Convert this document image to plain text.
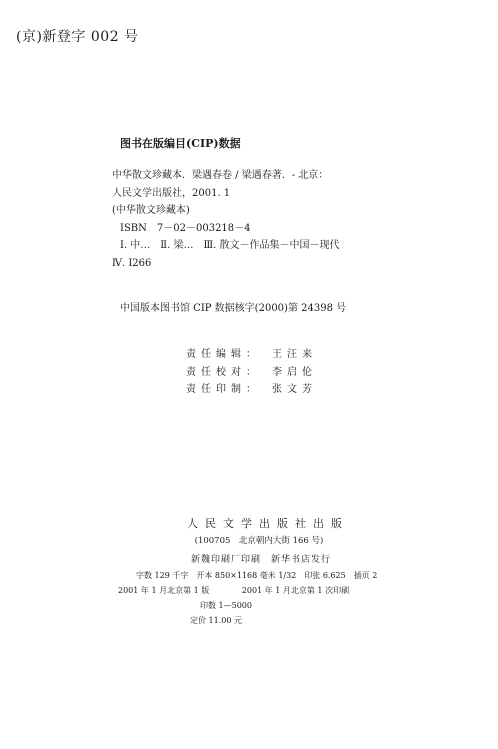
(京)新登字 002 号
图书在版编目(CIP)数据
中华散文珍藏本．梁遇春卷 / 梁遇春著．- 北京：
人民文学出版社，2001. 1
(中华散文珍藏本)
ISBN　7－02－003218－4
Ⅰ. 中…　Ⅱ. 梁…　Ⅲ. 散文－作品集－中国－现代
Ⅳ. I266
中国版本图书馆 CIP 数据核字(2000)第 24398 号
责任编辑：	王汪来
责任校对：	李启伦
责任印制：	张文芳
人民文学出版社出版
(100705　北京朝内大街 166 号)
新魏印刷厂印刷　新华书店发行
字数 129 千字　开本 850×1168 毫米 1/32　印张 6.625　插页 2
2001 年 1 月北京第 1 版	2001 年 1 月北京第 1 次印刷
印数 1—5000
定价 11.00 元
